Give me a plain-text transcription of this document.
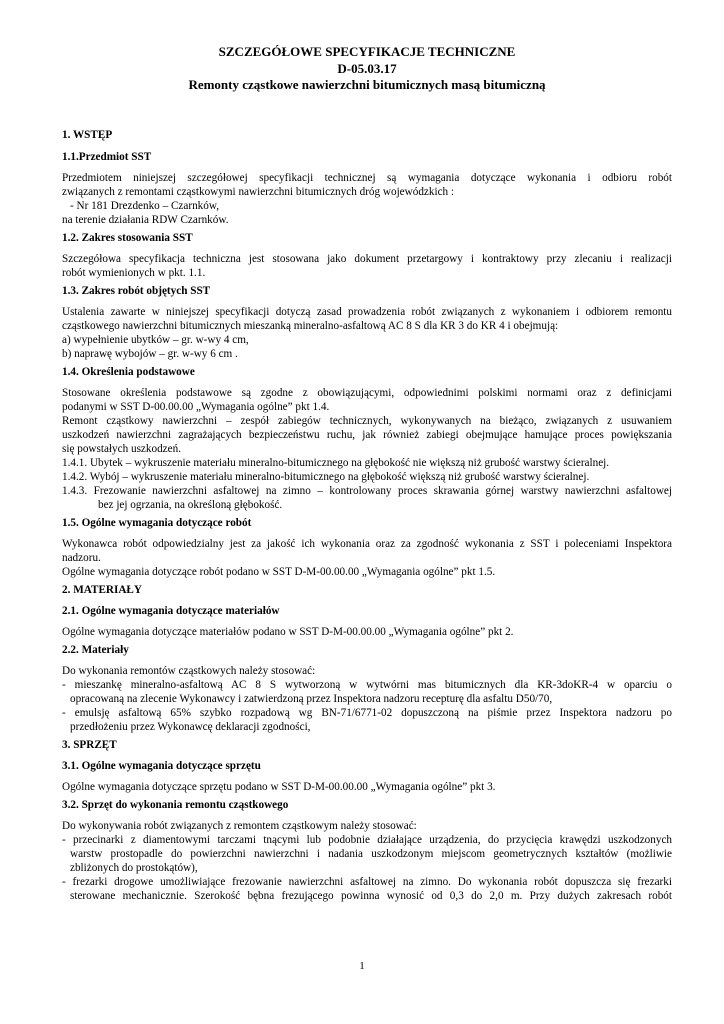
SZCZEGÓŁOWE SPECYFIKACJE TECHNICZNE
D-05.03.17
Remonty cząstkowe nawierzchni bitumicznych masą bitumiczną
1. WSTĘP
1.1.Przedmiot SST

Przedmiotem niniejszej szczegółowej specyfikacji technicznej są wymagania dotyczące wykonania i odbioru robót

związanych z remontami cząstkowymi nawierzchni bitumicznych dróg wojewódzkich :

- Nr 181 Drezdenko – Czarnków,

na terenie działania RDW Czarnków.

1.2. Zakres stosowania SST

Szczegółowa specyfikacja techniczna jest stosowana jako dokument przetargowy i kontraktowy przy zlecaniu i realizacji

robót wymienionych w pkt. 1.1.

1.3. Zakres robót objętych SST

Ustalenia zawarte w niniejszej specyfikacji dotyczą zasad prowadzenia robót związanych z wykonaniem i odbiorem remontu

cząstkowego nawierzchni bitumicznych mieszanką mineralno-asfaltową AC 8 S dla KR 3 do KR 4 i obejmują:

a) wypełnienie ubytków – gr. w-wy 4 cm,

b) naprawę wybojów – gr. w-wy 6 cm .

1.4. Określenia podstawowe

Stosowane określenia podstawowe są zgodne z obowiązującymi, odpowiednimi polskimi normami oraz z definicjami

podanymi w SST D-00.00.00 „Wymagania ogólne” pkt 1.4.

Remont cząstkowy nawierzchni – zespół zabiegów technicznych, wykonywanych na bieżąco, związanych z usuwaniem

uszkodzeń nawierzchni zagrażających bezpieczeństwu ruchu, jak również zabiegi obejmujące hamujące proces powiększania

się powstałych uszkodzeń.

1.4.1. Ubytek – wykruszenie materiału mineralno-bitumicznego na głębokość nie większą niż grubość warstwy ścieralnej.

1.4.2. Wybój – wykruszenie materiału mineralno-bitumicznego na głębokość większą niż grubość warstwy ścieralnej.

1.4.3. Frezowanie nawierzchni asfaltowej na zimno – kontrolowany proces skrawania górnej warstwy nawierzchni asfaltowej

bez jej ogrzania, na określoną głębokość.

1.5. Ogólne wymagania dotyczące robót

Wykonawca robót odpowiedzialny jest za jakość ich wykonania oraz za zgodność wykonania z SST i poleceniami Inspektora

nadzoru.

Ogólne wymagania dotyczące robót podano w SST D-M-00.00.00 „Wymagania ogólne” pkt 1.5.

2. MATERIAŁY
2.1. Ogólne wymagania dotyczące materiałów

Ogólne wymagania dotyczące materiałów podano w SST D-M-00.00.00 „Wymagania ogólne” pkt 2.

2.2. Materiały

Do wykonania remontów cząstkowych należy stosować:

- mieszankę mineralno-asfaltową AC 8 S wytworzoną w wytwórni mas bitumicznych dla KR-3doKR-4 w oparciu o

opracowaną na zlecenie Wykonawcy i zatwierdzoną przez Inspektora nadzoru recepturę dla asfaltu D50/70,

- emulsję asfaltową 65% szybko rozpadową wg BN-71/6771-02 dopuszczoną na piśmie przez Inspektora nadzoru po

przedłożeniu przez Wykonawcę deklaracji zgodności,

3. SPRZĘT
3.1. Ogólne wymagania dotyczące sprzętu

Ogólne wymagania dotyczące sprzętu podano w SST D-M-00.00.00 „Wymagania ogólne” pkt 3.

3.2. Sprzęt do wykonania remontu cząstkowego

Do wykonywania robót związanych z remontem cząstkowym należy stosować:

- przecinarki z diamentowymi tarczami tnącymi lub podobnie działające urządzenia, do przycięcia krawędzi uszkodzonych

warstw prostopadle do powierzchni nawierzchni i nadania uszkodzonym miejscom geometrycznych kształtów (możliwie

zbliżonych do prostokątów),

- frezarki drogowe umożliwiające frezowanie nawierzchni asfaltowej na zimno. Do wykonania robót dopuszcza się frezarki

sterowane mechanicznie. Szerokość bębna frezującego powinna wynosić od 0,3 do 2,0 m. Przy dużych zakresach robót

1
